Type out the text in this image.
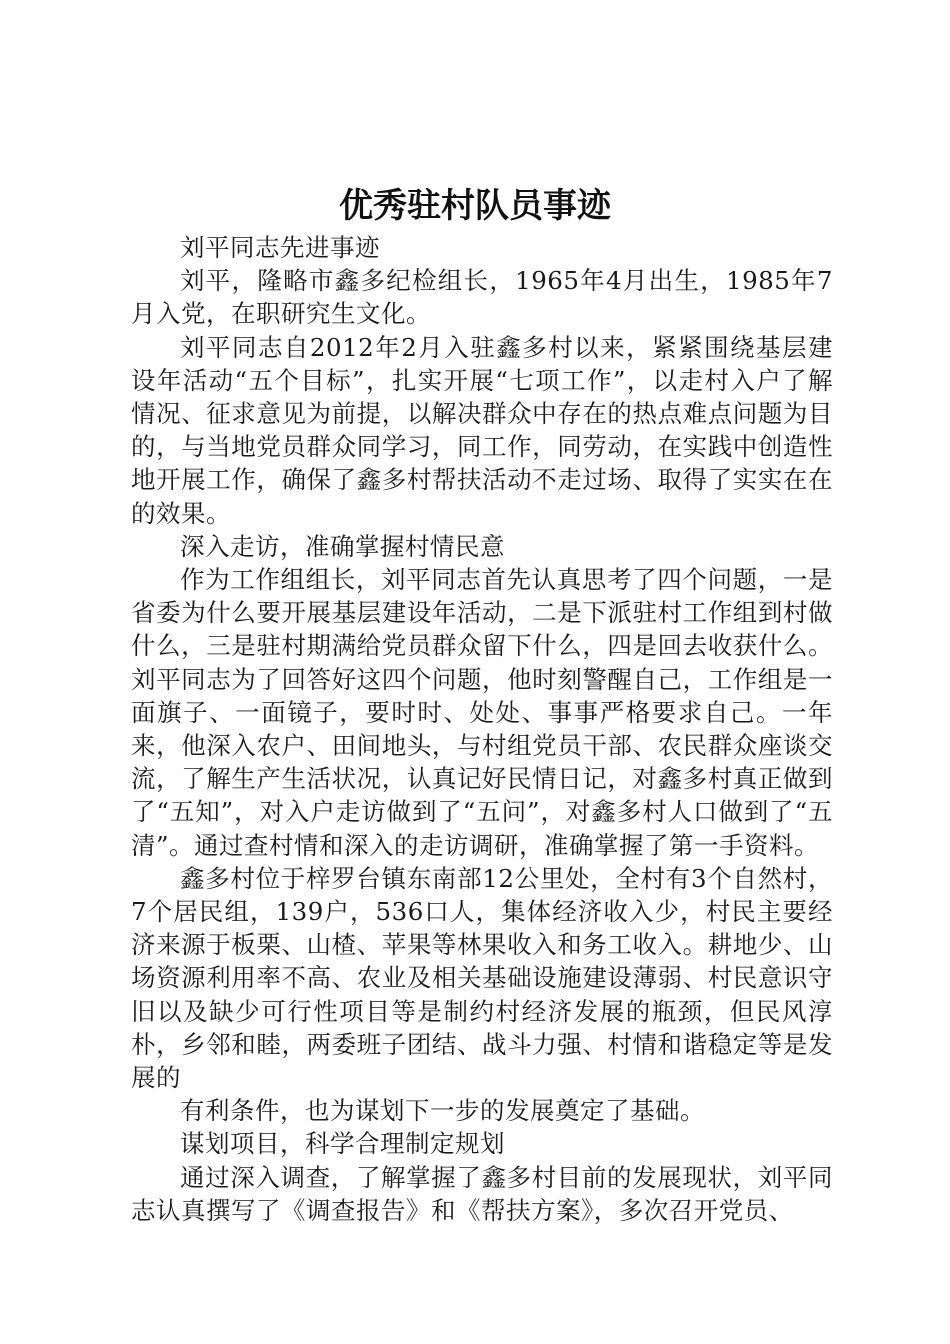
优秀驻村队员事迹

刘平同志先进事迹

刘平，隆略市鑫多纪检组长，1965年4月出生，1985年7月入党，在职研究生文化。

刘平同志自2012年2月入驻鑫多村以来，紧紧围绕基层建设年活动“五个目标”，扎实开展“七项工作”，以走村入户了解情况、征求意见为前提，以解决群众中存在的热点难点问题为目的，与当地党员群众同学习，同工作，同劳动，在实践中创造性地开展工作，确保了鑫多村帮扶活动不走过场、取得了实实在在的效果。

深入走访，准确掌握村情民意

作为工作组组长，刘平同志首先认真思考了四个问题，一是省委为什么要开展基层建设年活动，二是下派驻村工作组到村做什么，三是驻村期满给党员群众留下什么，四是回去收获什么。刘平同志为了回答好这四个问题，他时刻警醒自己，工作组是一面旗子、一面镜子，要时时、处处、事事严格要求自己。一年来，他深入农户、田间地头，与村组党员干部、农民群众座谈交流，了解生产生活状况，认真记好民情日记，对鑫多村真正做到了“五知”，对入户走访做到了“五问”，对鑫多村人口做到了“五清”。通过查村情和深入的走访调研，准确掌握了第一手资料。

鑫多村位于梓罗台镇东南部12公里处，全村有3个自然村，7个居民组，139户，536口人，集体经济收入少，村民主要经济来源于板栗、山楂、苹果等林果收入和务工收入。耕地少、山场资源利用率不高、农业及相关基础设施建设薄弱、村民意识守旧以及缺少可行性项目等是制约村经济发展的瓶颈，但民风淳朴，乡邻和睦，两委班子团结、战斗力强、村情和谐稳定等是发展的

有利条件，也为谋划下一步的发展奠定了基础。

谋划项目，科学合理制定规划

通过深入调查，了解掌握了鑫多村目前的发展现状，刘平同志认真撰写了《调查报告》和《帮扶方案》，多次召开党员、
